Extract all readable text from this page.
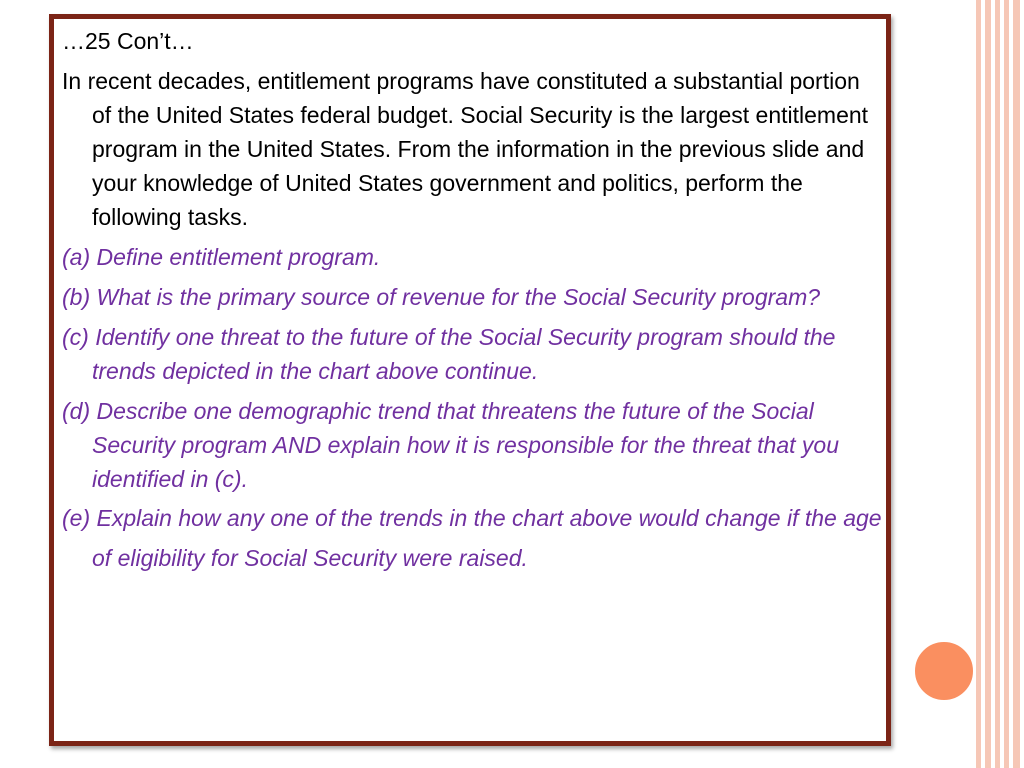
…25 Con’t…
In recent decades, entitlement programs have constituted a substantial portion of the United States federal budget. Social Security is the largest entitlement program in the United States. From the information in the previous slide and your knowledge of United States government and politics, perform the following tasks.
(a) Define entitlement program.
(b) What is the primary source of revenue for the Social Security program?
(c) Identify one threat to the future of the Social Security program should the trends depicted in the chart above continue.
(d) Describe one demographic trend that threatens the future of the Social Security program AND explain how it is responsible for the threat that you identified in (c).
(e) Explain how any one of the trends in the chart above would change if the age of eligibility for Social Security were raised.
